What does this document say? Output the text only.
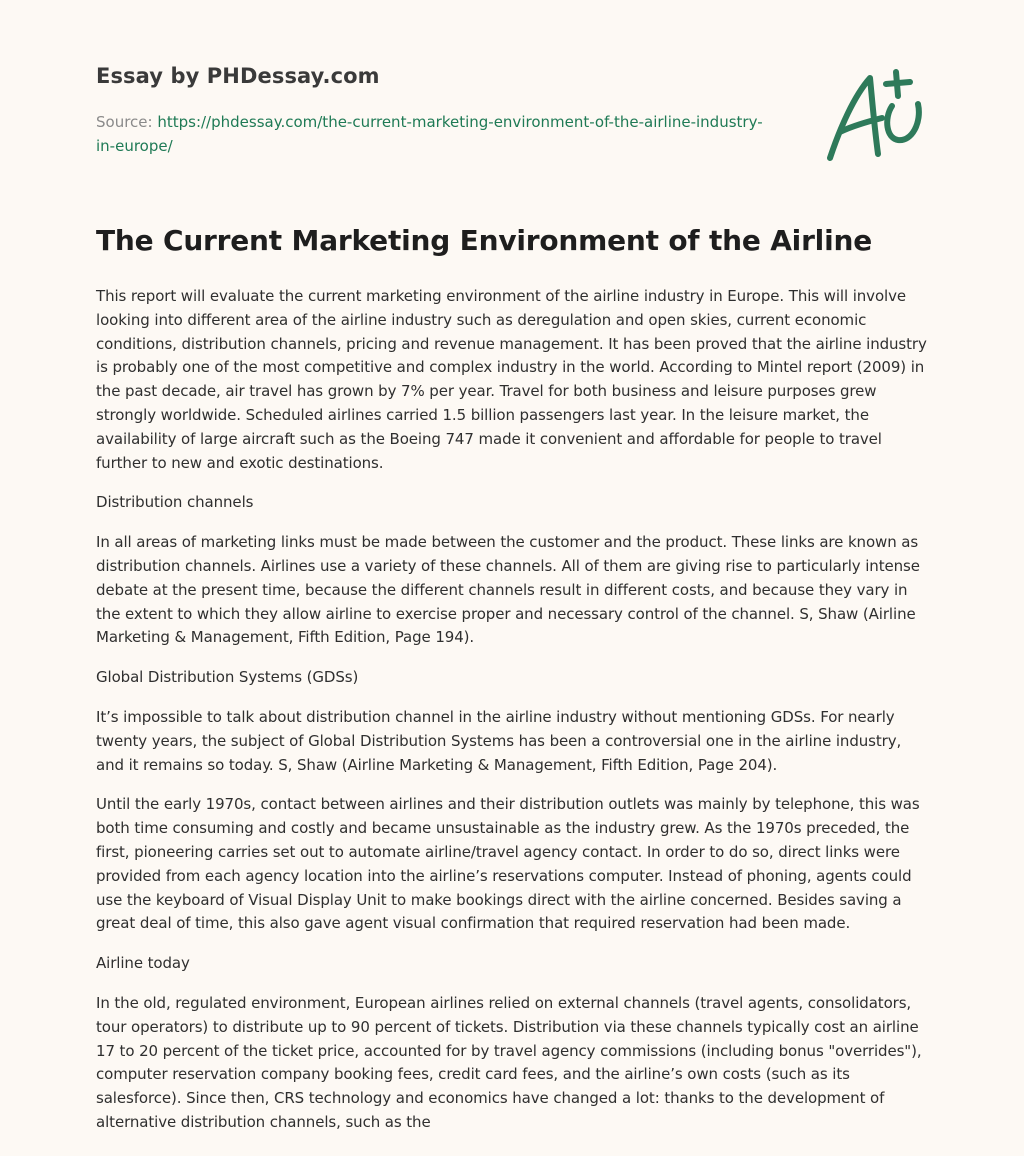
Essay by PHDessay.com

Source: https://phdessay.com/the-current-marketing-environment-of-the-airline-industry-in-europe/
The Current Marketing Environment of the Airline

This report will evaluate the current marketing environment of the airline industry in Europe. This will involve looking into different area of the airline industry such as deregulation and open skies, current economic conditions, distribution channels, pricing and revenue management. It has been proved that the airline industry is probably one of the most competitive and complex industry in the world. According to Mintel report (2009) in the past decade, air travel has grown by 7% per year. Travel for both business and leisure purposes grew strongly worldwide. Scheduled airlines carried 1.5 billion passengers last year. In the leisure market, the availability of large aircraft such as the Boeing 747 made it convenient and affordable for people to travel further to new and exotic destinations.

Distribution channels

In all areas of marketing links must be made between the customer and the product. These links are known as distribution channels. Airlines use a variety of these channels. All of them are giving rise to particularly intense debate at the present time, because the different channels result in different costs, and because they vary in the extent to which they allow airline to exercise proper and necessary control of the channel. S, Shaw (Airline Marketing & Management, Fifth Edition, Page 194).

Global Distribution Systems (GDSs)

It’s impossible to talk about distribution channel in the airline industry without mentioning GDSs. For nearly twenty years, the subject of Global Distribution Systems has been a controversial one in the airline industry, and it remains so today. S, Shaw (Airline Marketing & Management, Fifth Edition, Page 204).

Until the early 1970s, contact between airlines and their distribution outlets was mainly by telephone, this was both time consuming and costly and became unsustainable as the industry grew. As the 1970s preceded, the first, pioneering carries set out to automate airline/travel agency contact. In order to do so, direct links were provided from each agency location into the airline’s reservations computer. Instead of phoning, agents could use the keyboard of Visual Display Unit to make bookings direct with the airline concerned. Besides saving a great deal of time, this also gave agent visual confirmation that required reservation had been made.

Airline today

In the old, regulated environment, European airlines relied on external channels (travel agents, consolidators, tour operators) to distribute up to 90 percent of tickets. Distribution via these channels typically cost an airline 17 to 20 percent of the ticket price, accounted for by travel agency commissions (including bonus "overrides"), computer reservation company booking fees, credit card fees, and the airline’s own costs (such as its salesforce). Since then, CRS technology and economics have changed a lot: thanks to the development of alternative distribution channels, such as the
